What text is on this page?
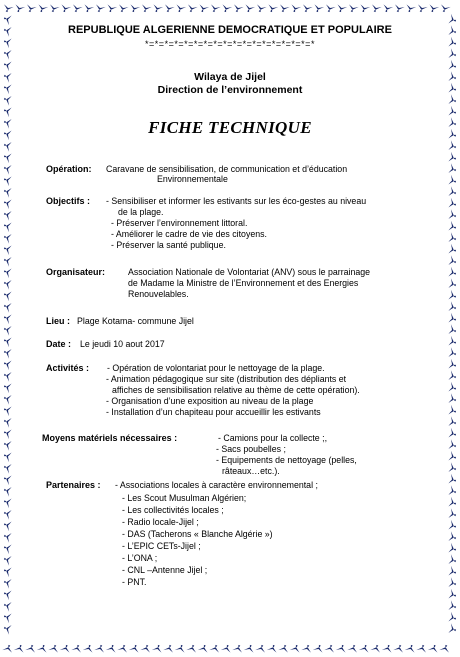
REPUBLIQUE ALGERIENNE DEMOCRATIQUE ET POPULAIRE
*=*=*=*=*=*=*=*=*=*=*=*=*=*=*=*=*=*
Wilaya de Jijel
Direction de l’environnement
FICHE TECHNIQUE
Opération: Caravane de sensibilisation, de communication et d’éducation
Environnementale
Objectifs : - Sensibiliser et informer les estivants sur les éco-gestes au niveau
de la plage.
- Préserver l’environnement littoral.
- Améliorer le cadre de vie des citoyens.
- Préserver la santé publique.
Organisateur:	Association Nationale de Volontariat (ANV) sous le parrainage
de Madame la Ministre de l’Environnement et des Energies
Renouvelables.
Lieu : Plage Kotama- commune Jijel
Date : Le jeudi 10 aout 2017
Activités : - Opération de volontariat pour le nettoyage de la plage.
- Animation pédagogique sur site (distribution des dépliants et
affiches de sensibilisation relative au thème de cette opération).
- Organisation d’une exposition au niveau de la plage
- Installation d’un chapiteau pour accueillir les estivants
Moyens matériels nécessaires :	- Camions pour la collecte ;,
- Sacs poubelles ;
- Equipements de nettoyage (pelles,
râteaux…etc.).
Partenaires : - Associations locales à caractère environnemental ;
- Les Scout Musulman Algérien;
- Les collectivités locales ;
- Radio locale-Jijel ;
- DAS (Tacherons « Blanche Algérie »)
- L’EPIC CETs-Jijel ;
- L’ONA ;
- CNL –Antenne Jijel ;
- PNT.
